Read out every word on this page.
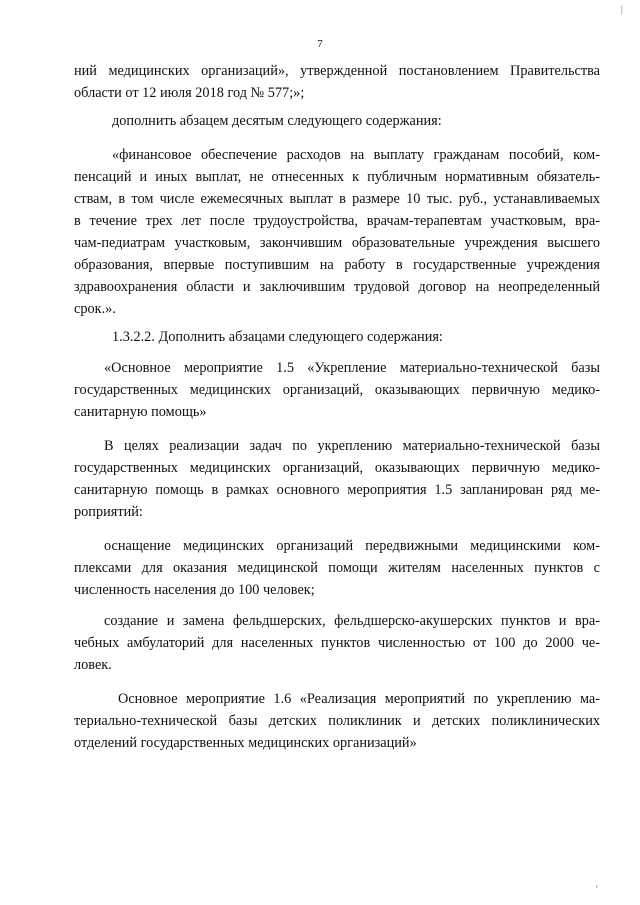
7
ний медицинских организаций», утвержденной постановлением Правительства
области от 12 июля 2018 год № 577;»;
дополнить абзацем десятым следующего содержания:
«финансовое обеспечение расходов на выплату гражданам пособий, ком-
пенсаций и иных выплат, не отнесенных к публичным нормативным обязатель-
ствам, в том числе ежемесячных выплат в размере 10 тыс. руб., устанавливаемых
в течение трех лет после трудоустройства, врачам-терапевтам участковым, вра-
чам-педиатрам участковым, закончившим образовательные учреждения высшего
образования, впервые поступившим на работу в государственные учреждения
здравоохранения области и заключившим трудовой договор на неопределенный
срок.».
1.3.2.2. Дополнить абзацами следующего содержания:
«Основное мероприятие 1.5 «Укрепление материально-технической базы
государственных медицинских организаций, оказывающих первичную медико-
санитарную помощь»
В целях реализации задач по укреплению материально-технической базы
государственных медицинских организаций, оказывающих первичную медико-
санитарную помощь в рамках основного мероприятия 1.5 запланирован ряд ме-
роприятий:
оснащение медицинских организаций передвижными медицинскими ком-
плексами для оказания медицинской помощи жителям населенных пунктов с
численность населения до 100 человек;
создание и замена фельдшерских, фельдшерско-акушерских пунктов и вра-
чебных амбулаторий для населенных пунктов численностью от 100 до 2000 че-
ловек.
Основное мероприятие 1.6 «Реализация мероприятий по укреплению ма-
териально-технической базы детских поликлиник и детских поликлинических
отделений государственных медицинских организаций»
|
'
